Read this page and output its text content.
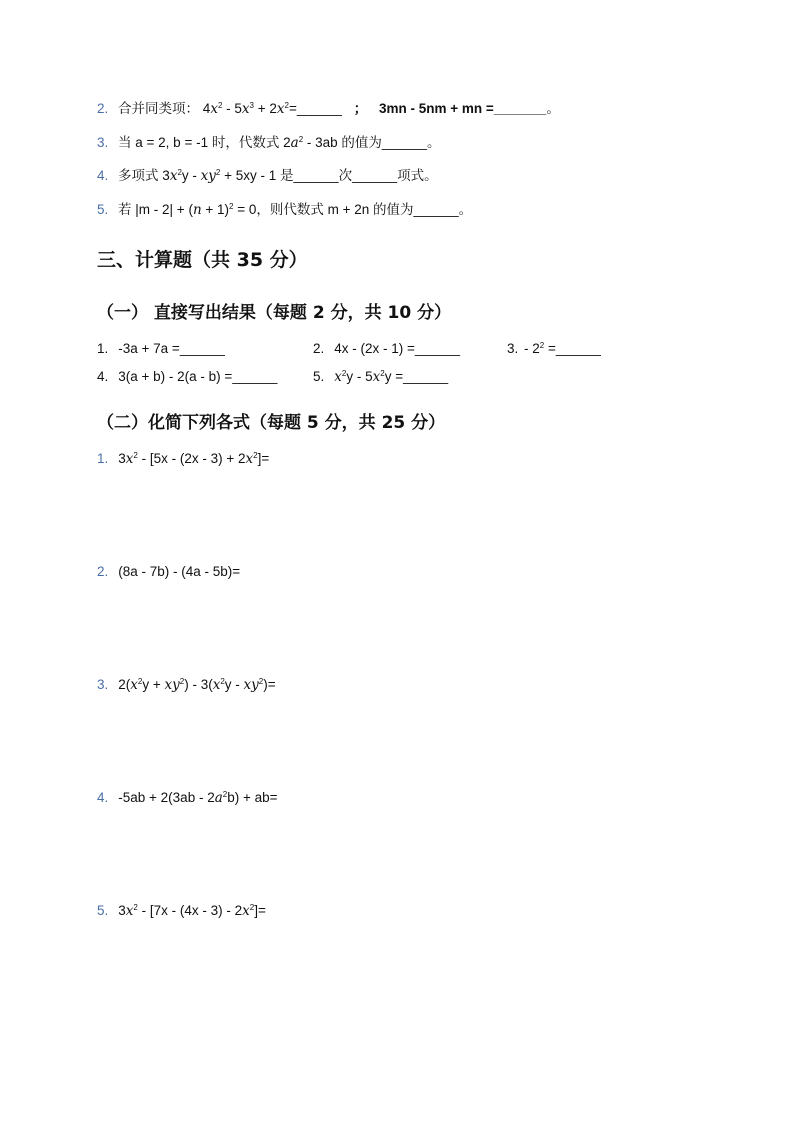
2. 合并同类项： $4x^2 - 5x^3$ + $2x^2=\_\_\_\_\_\_$ ； 3mn - 5nm + mn =_______。
3. 当 a = 2, b = -1 时，代数式 $2a^2 - 3ab$ 的值为______。
4. 多项式 $3x^2y - xy^2 + 5xy - 1$ 是______次______项式。
5. 若 $|m - 2| + (n + 1)^2 = 0$，则代数式 m + 2n 的值为______。
三、计算题（共 35 分）
（一） 直接写出结果（每题 2 分，共 10 分）
1. -3a + 7a =______	2. 4x - (2x - 1) =______	3. - $2^2$ =______
4. 3(a + b) - 2(a - b) =______	5. $x^2y - 5x^2y$ =______
（二）化简下列各式（每题 5 分，共 25 分）
1. $3x^2 - [5x - (2x - 3) + 2x^2]=$
2. (8a - 7b) - (4a - 5b)=
3. $2(x^2y + xy^2) - 3(x^2y - xy^2)=$
4. $-5ab + 2(3ab - 2a^2b) + ab=$
5. $3x^2 - [7x - (4x - 3) - 2x^2]=$
